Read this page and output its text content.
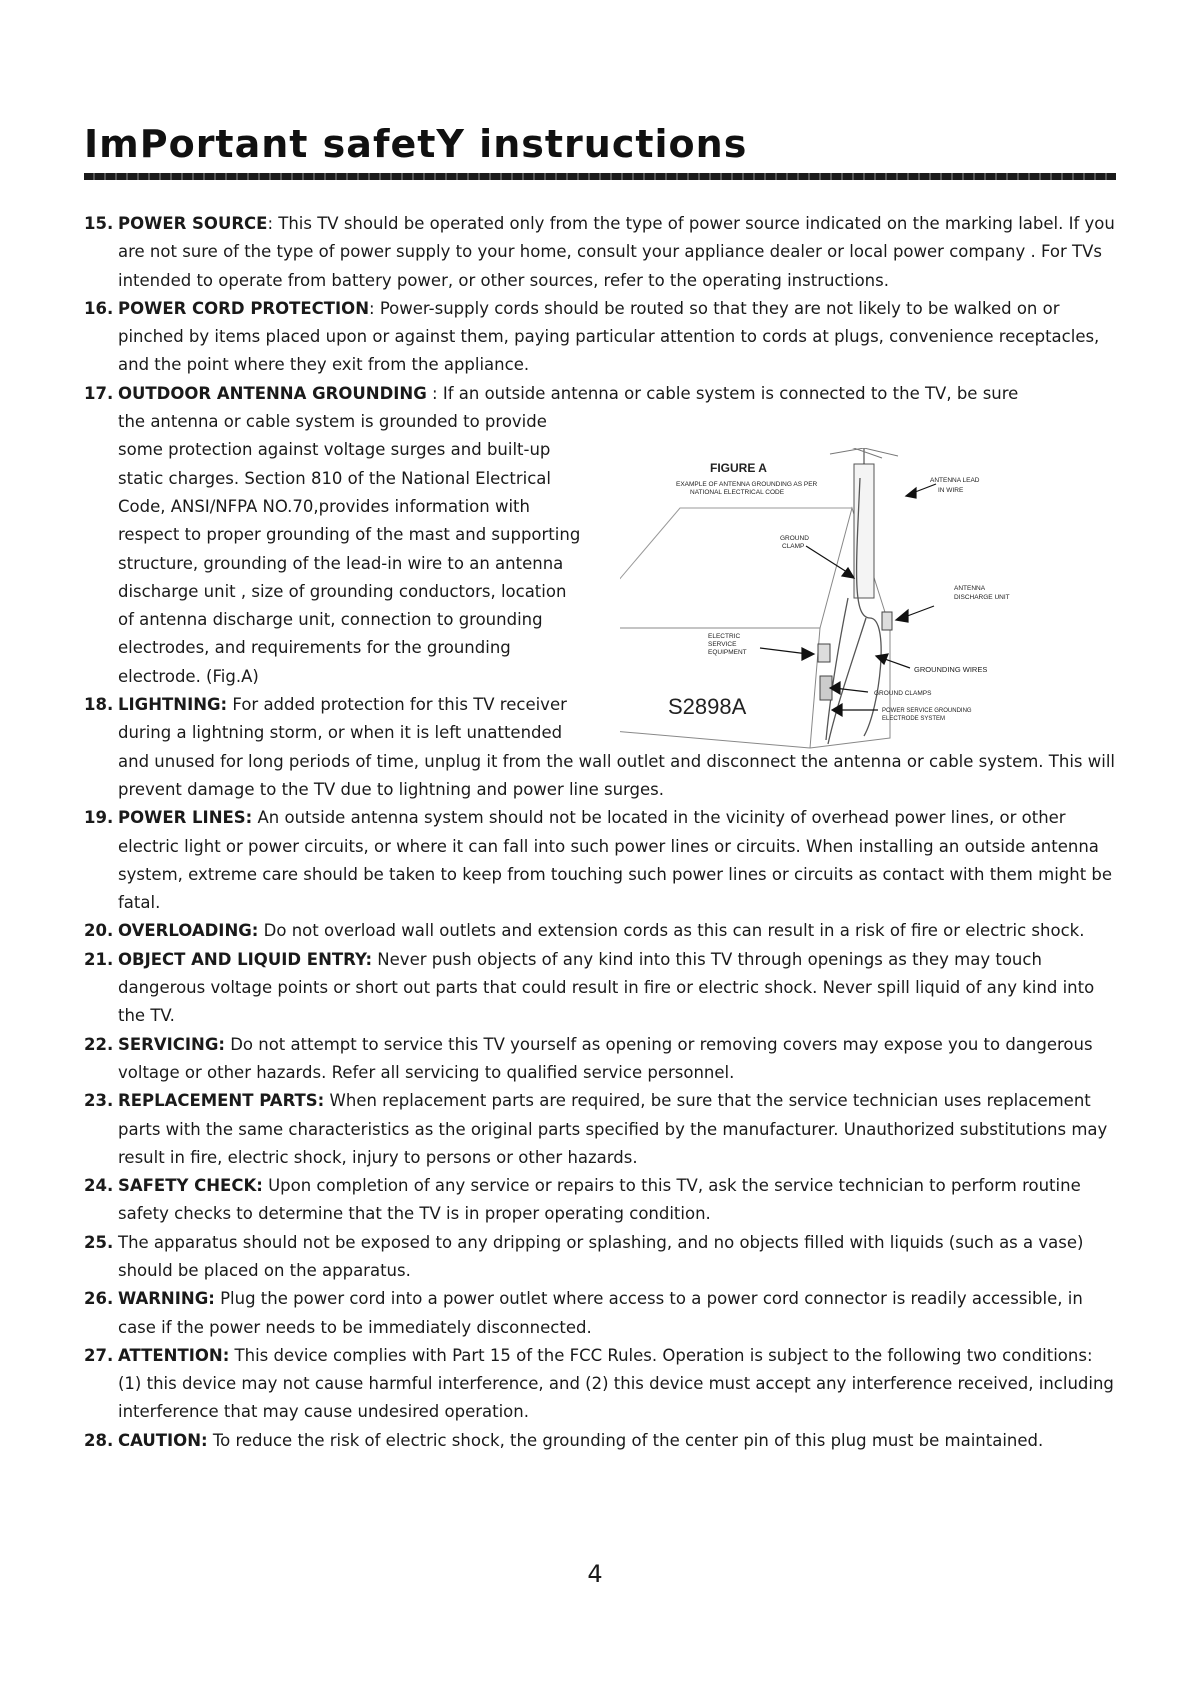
ImPortant safetY instructions
15. POWER SOURCE: This TV should be operated only from the type of power source indicated on the marking label. If you are not sure of the type of power supply to your home, consult your appliance dealer or local power company . For TVs intended to operate from battery power, or other sources, refer to the operating instructions.
16. POWER CORD PROTECTION: Power-supply cords should be routed so that they are not likely to be walked on or pinched by items placed upon or against them, paying particular attention to cords at plugs, convenience receptacles, and the point where they exit from the appliance.
17. OUTDOOR ANTENNA GROUNDING : If an outside antenna or cable system is connected to the TV, be sure
the antenna or cable system is grounded to provide
some protection against voltage surges and built-up
static charges. Section 810 of the National Electrical
Code, ANSI/NFPA NO.70,provides information with
respect to proper grounding of the mast and supporting
structure, grounding of the lead-in wire to an antenna
discharge unit , size of grounding conductors, location
of antenna discharge unit, connection to grounding
electrodes, and requirements for the grounding
electrode. (Fig.A)
18. LIGHTNING: For added protection for this TV receiver
during a lightning storm, or when it is left unattended
and unused for long periods of time, unplug it from the wall outlet and disconnect the antenna or cable system. This will prevent damage to the TV due to lightning and power line surges.
19. POWER LINES: An outside antenna system should not be located in the vicinity of overhead power lines, or other electric light or power circuits, or where it can fall into such power lines or circuits. When installing an outside antenna system, extreme care should be taken to keep from touching such power lines or circuits as contact with them might be fatal.
20. OVERLOADING: Do not overload wall outlets and extension cords as this can result in a risk of fire or electric shock.
21. OBJECT AND LIQUID ENTRY: Never push objects of any kind into this TV through openings as they may touch dangerous voltage points or short out parts that could result in fire or electric shock. Never spill liquid of any kind into the TV.
22. SERVICING: Do not attempt to service this TV yourself as opening or removing covers may expose you to dangerous voltage or other hazards. Refer all servicing to qualified service personnel.
23. REPLACEMENT PARTS: When replacement parts are required, be sure that the service technician uses replacement parts with the same characteristics as the original parts specified by the manufacturer. Unauthorized substitutions may result in fire, electric shock, injury to persons or other hazards.
24. SAFETY CHECK: Upon completion of any service or repairs to this TV, ask the service technician to perform routine safety checks to determine that the TV is in proper operating condition.
25. The apparatus should not be exposed to any dripping or splashing, and no objects filled with liquids (such as a vase) should be placed on the apparatus.
26. WARNING: Plug the power cord into a power outlet where access to a power cord connector is readily accessible, in case if the power needs to be immediately disconnected.
27. ATTENTION: This device complies with Part 15 of the FCC Rules. Operation is subject to the following two conditions: (1) this device may not cause harmful interference, and (2) this device must accept any interference received, including interference that may cause undesired operation.
28. CAUTION: To reduce the risk of electric shock, the grounding of the center pin of this plug must be maintained.
FIGURE A
EXAMPLE OF ANTENNA GROUNDING AS PER
NATIONAL ELECTRICAL CODE
ANTENNA LEAD
IN WIRE
GROUND
CLAMP
ANTENNA
DISCHARGE UNIT
ELECTRIC
SERVICE
EQUIPMENT
GROUNDING WIRES
GROUND CLAMPS
POWER SERVICE GROUNDING
ELECTRODE SYSTEM
S2898A
4
